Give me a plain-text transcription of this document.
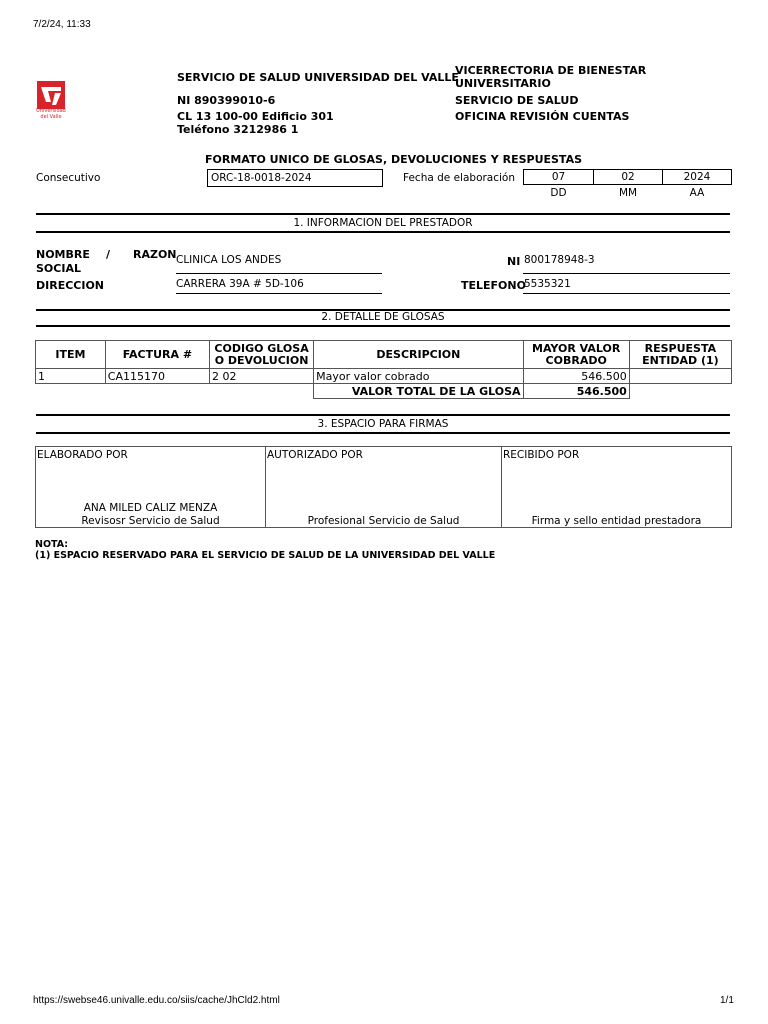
7/2/24, 11:33
https://swebse46.univalle.edu.co/siis/cache/JhCld2.html	1/1
Universidad
del Valle
SERVICIO DE SALUD UNIVERSIDAD DEL VALLE
NI 890399010-6
CL 13 100-00 Edificio 301
Teléfono 3212986 1
VICERRECTORIA DE BIENESTAR
UNIVERSITARIO
SERVICIO DE SALUD
OFICINA REVISIÓN CUENTAS
FORMATO UNICO DE GLOSAS, DEVOLUCIONES Y RESPUESTAS
Consecutivo	ORC-18-0018-2024	Fecha de elaboración	07	02	2024
DD	MM	AA
1. INFORMACION DEL PRESTADOR
NOMBRE / RAZON
SOCIAL
CLINICA LOS ANDES	NI 800178948-3
DIRECCION	CARRERA 39A # 5D-106	TELEFONO
5535321
2. DETALLE DE GLOSAS
ITEM	FACTURA #	CODIGO GLOSA O DEVOLUCION	DESCRIPCION	MAYOR VALOR COBRADO	RESPUESTA ENTIDAD (1)
1	CA115170	2 02	Mayor valor cobrado	546.500	
			VALOR TOTAL DE LA GLOSA	546.500	
3. ESPACIO PARA FIRMAS
ELABORADO POR
ANA MILED CALIZ MENZA
Revisosr Servicio de Salud
AUTORIZADO POR
Profesional Servicio de Salud
RECIBIDO POR
Firma y sello entidad prestadora
NOTA:
(1) ESPACIO RESERVADO PARA EL SERVICIO DE SALUD DE LA UNIVERSIDAD DEL VALLE
